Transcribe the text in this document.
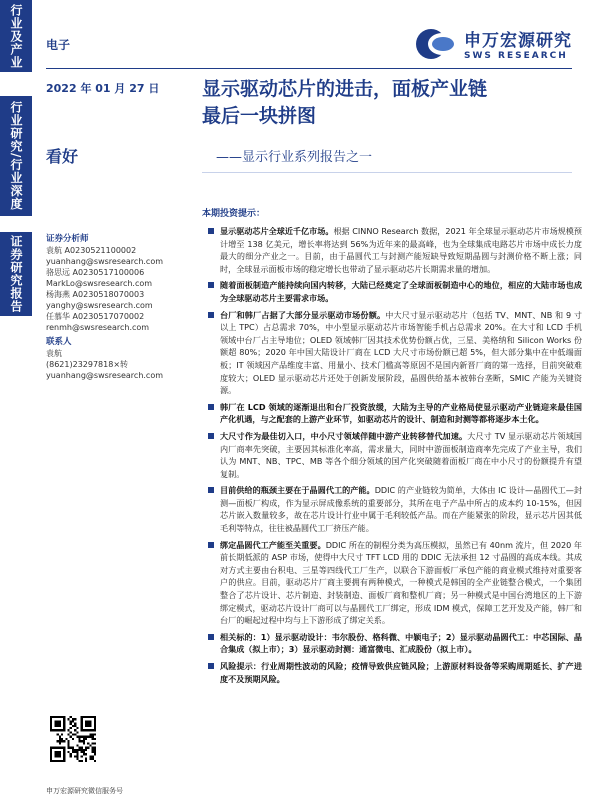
行业及产业
行业研究/行业深度
证券研究报告
电子	申万宏源研究
SWS RESEARCH
2022 年 01 月 27 日
看好
显示驱动芯片的进击，面板产业链
最后一块拼图
——显示行业系列报告之一
证券分析师
袁航 A0230521100002
yuanhang@swsresearch.com
骆思远 A0230517100006
MarkLo@swsresearch.com
杨海燕 A0230518070003
yanghy@swsresearch.com
任慕华 A0230517070002
renmh@swsresearch.com
联系人
袁航
(8621)23297818×转
yuanhang@swsresearch.com
申万宏源研究微信服务号
本期投资提示：
显示驱动芯片全球近千亿市场。根据 CINNO Research 数据，2021 年全球显示驱动芯片市场规模预计增至 138 亿美元，增长率将达到 56%为近年来的最高峰，也为全球集成电路芯片市场中成长力度最大的细分产业之一。目前，由于晶圆代工与封测产能短缺导致短期晶圆与封测价格不断上涨；同时，全球显示面板市场的稳定增长也带动了显示驱动芯片长期需求量的增加。
随着面板制造产能持续向国内转移，大陆已经奠定了全球面板制造中心的地位，相应的大陆市场也成为全球驱动芯片主要需求市场。
台厂和韩厂占据了大部分显示驱动市场份额。中大尺寸显示驱动芯片（包括 TV、MNT、NB 和 9 寸以上 TPC）占总需求 70%，中小型显示驱动芯片市场智能手机占总需求 20%。在大寸和 LCD 手机领域中台厂占主导地位；OLED 领域韩厂因其技术优势份额占优，三星、美格纳和 Silicon Works 份额超 80%；2020 年中国大陆设计厂商在 LCD 大尺寸市场份额已超 5%，但大部分集中在中低端面板；IT 领域因产品维度丰富、用量小、技术门槛高等原因不是国内新晋厂商的第一选择，目前突破难度较大；OLED 显示驱动芯片还处于创新发展阶段，晶圆供给基本被韩台垄断，SMIC 产能为关键资源。
韩厂在 LCD 领域的逐渐退出和台厂投资放缓，大陆为主导的产业格局使显示驱动产业链迎来最佳国产化机遇，与之配套的上游产业环节，如驱动芯片的设计、制造和封测等都将逐步本土化。
大尺寸作为最佳切入口，中小尺寸领域伴随中游产业转移替代加速。大尺寸 TV 显示驱动芯片领域国内厂商率先突破，主要因其标准化率高，需求量大，同时中游面板制造商率先完成了产业主导，我们认为 MNT、NB、TPC、MB 等各个细分领域的国产化突破随着面板厂商在中小尺寸的份额提升有望复制。
目前供给的瓶颈主要在于晶圆代工的产能。DDIC 的产业链较为简单，大体由 IC 设计—晶圆代工—封测—面板厂构成，作为显示屏成像系统的重要部分，其所在电子产品中所占的成本约 10-15%，但因芯片嵌入数量较多，故在芯片设计行业中属于毛利较低产品。而在产能紧张的阶段，显示芯片因其低毛利等特点，往往被晶圆代工厂挤压产能。
绑定晶圆代工产能至关重要。DDIC 所在的制程分类为高压模拟，虽然已有 40nm 流片，但 2020 年前长期低派的 ASP 市场，使得中大尺寸 TFT LCD 用的 DDIC 无法承担 12 寸晶圆的高成本线。其成对方式主要由台积电、三星等四线代工厂生产，以联合下游面板厂承包产能的商业模式维持对重要客户的供应。目前，驱动芯片厂商主要拥有两种模式，一种模式是韩国的全产业链整合模式，一个集团整合了芯片设计、芯片制造、封装制造、面板厂商和整机厂商；另一种模式是中国台湾地区的上下游绑定模式，驱动芯片设计厂商可以与晶圆代工厂绑定，形成 IDM 模式，保障工艺开发及产能，韩厂和台厂的崛起过程中均与上下游形成了绑定关系。
相关标的：1）显示驱动设计：韦尔股份、格科微、中颖电子；2）显示驱动晶圆代工：中芯国际、晶合集成（拟上市）；3）显示驱动封测：通富微电、汇成股份（拟上市）。
风险提示：行业周期性波动的风险；疫情导致供应链风险；上游原材料设备等采购周期延长、扩产进度不及预期风险。
